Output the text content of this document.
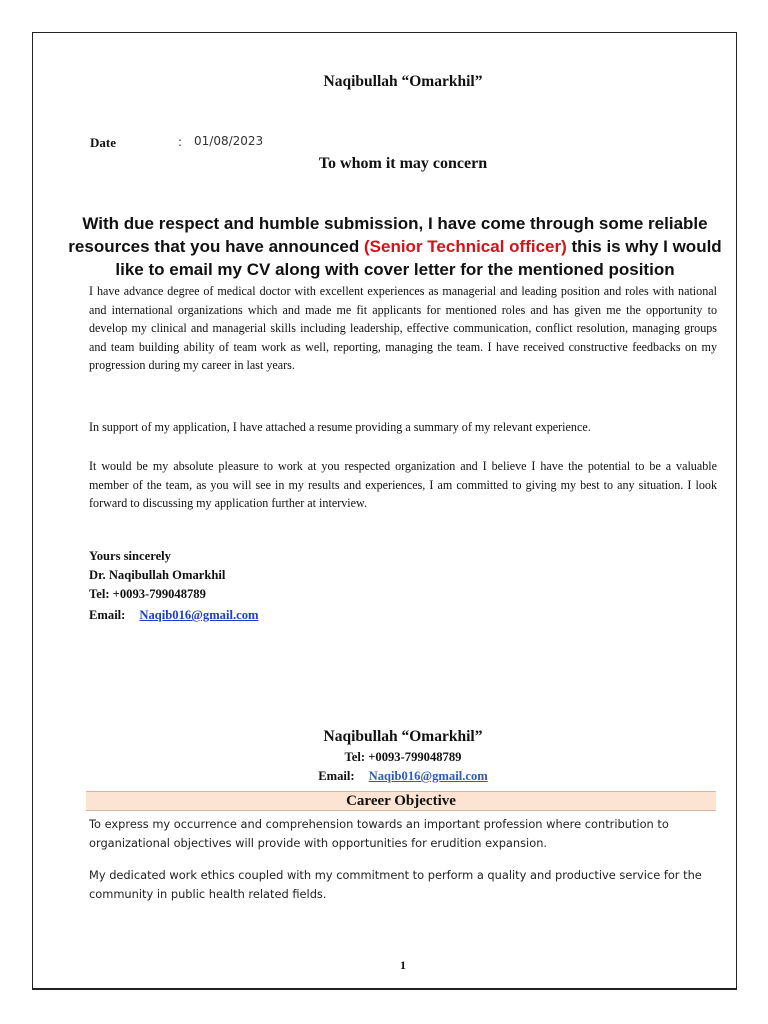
Naqibullah “Omarkhil”
Date	: 01/08/2023
To whom it may concern
With due respect and humble submission, I have come through some reliable resources that you have announced (Senior Technical officer) this is why I would like to email my CV along with cover letter for the mentioned position
I have advance degree of medical doctor with excellent experiences as managerial and leading position and roles with national and international organizations which and made me fit applicants for mentioned roles and has given me the opportunity to develop my clinical and managerial skills including leadership, effective communication, conflict resolution, managing groups and team building ability of team work as well, reporting, managing the team. I have received constructive feedbacks on my progression during my career in last years.
In support of my application, I have attached a resume providing a summary of my relevant experience.
It would be my absolute pleasure to work at you respected organization and I believe I have the potential to be a valuable member of the team, as you will see in my results and experiences, I am committed to giving my best to any situation. I look forward to discussing my application further at interview.
Yours sincerely
Dr. Naqibullah Omarkhil
Tel: +0093-799048789
Email: Naqib016@gmail.com
Naqibullah “Omarkhil”
Tel: +0093-799048789
Email: Naqib016@gmail.com
Career Objective
To express my occurrence and comprehension towards an important profession where contribution to organizational objectives will provide with opportunities for erudition expansion.
My dedicated work ethics coupled with my commitment to perform a quality and productive service for the community in public health related fields.
1
